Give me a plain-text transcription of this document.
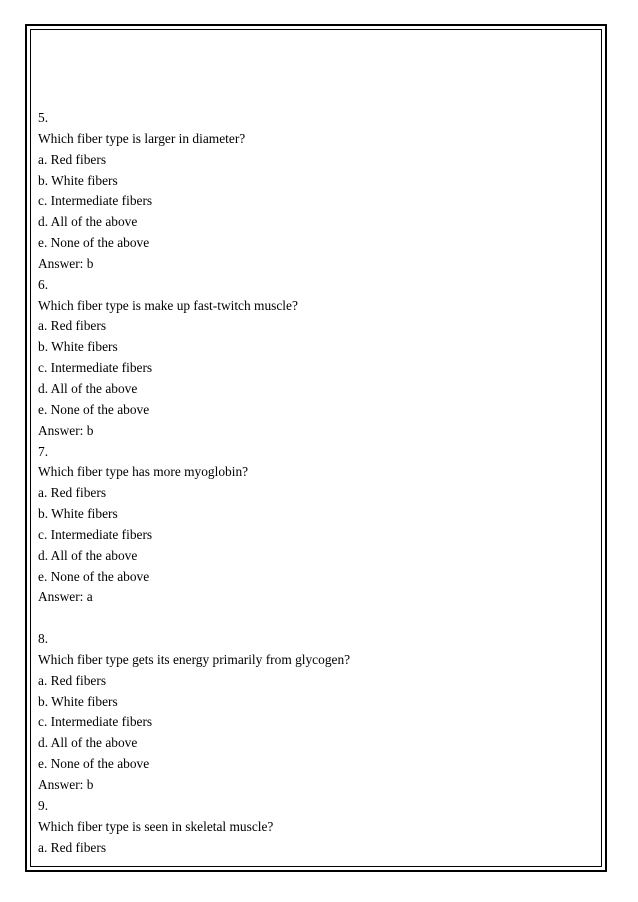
5.
Which fiber type is larger in diameter?
a. Red fibers
b. White fibers
c. Intermediate fibers
d. All of the above
e. None of the above
Answer: b
6.
Which fiber type is make up fast-twitch muscle?
a. Red fibers
b. White fibers
c. Intermediate fibers
d. All of the above
e. None of the above
Answer: b
7.
Which fiber type has more myoglobin?
a. Red fibers
b. White fibers
c. Intermediate fibers
d. All of the above
e. None of the above
Answer: a
8.
Which fiber type gets its energy primarily from glycogen?
a. Red fibers
b. White fibers
c. Intermediate fibers
d. All of the above
e. None of the above
Answer: b
9.
Which fiber type is seen in skeletal muscle?
a. Red fibers
